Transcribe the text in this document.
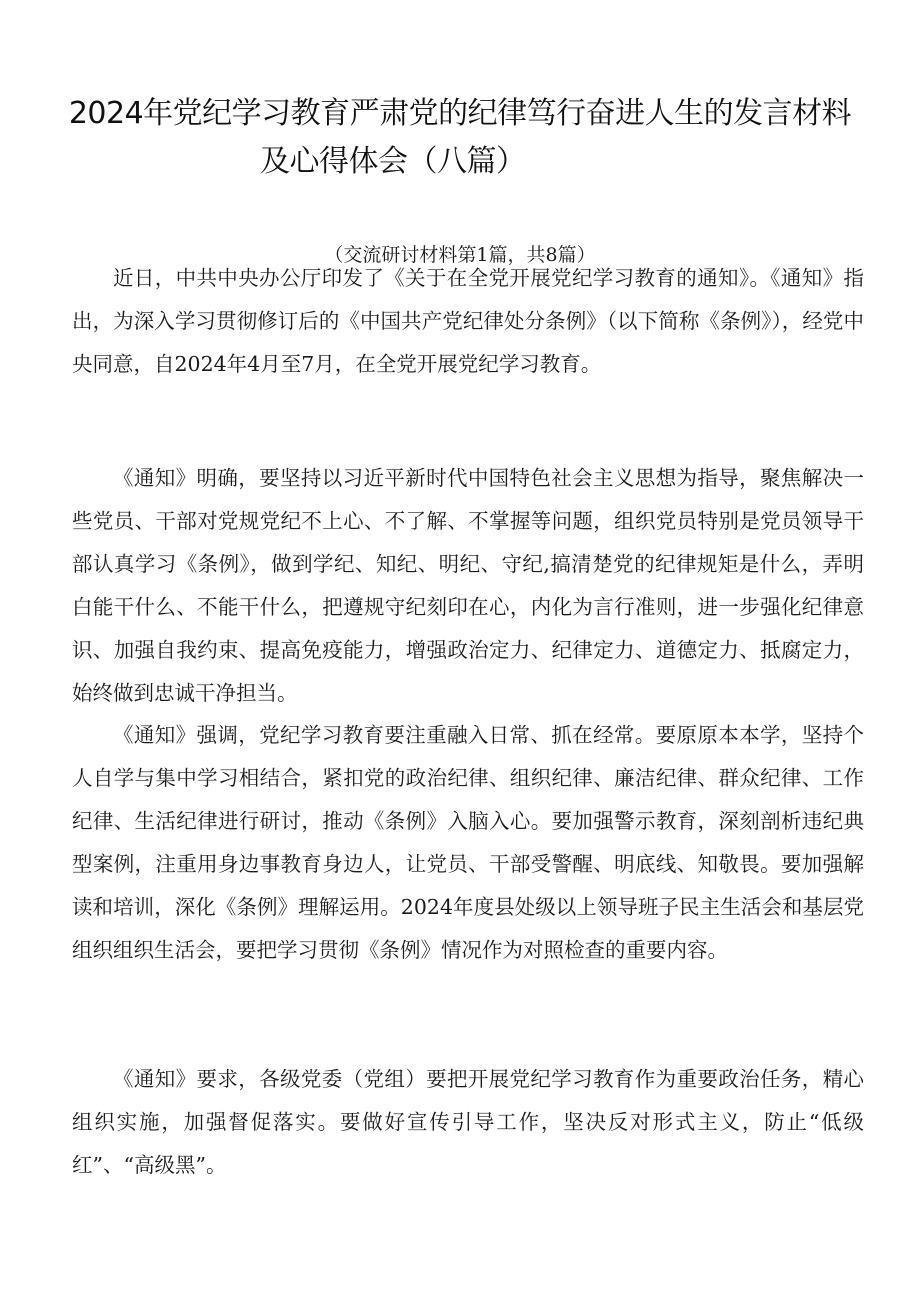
2024年党纪学习教育严肃党的纪律笃行奋进人生的发言材料
及心得体会（八篇）
（交流研讨材料第1篇，共8篇）

近日，中共中央办公厅印发了《关于在全党开展党纪学习教育的通知》。《通知》指出，为深入学习贯彻修订后的《中国共产党纪律处分条例》（以下简称《条例》），经党中央同意，自2024年4月至7月，在全党开展党纪学习教育。

《通知》明确，要坚持以习近平新时代中国特色社会主义思想为指导，聚焦解决一些党员、干部对党规党纪不上心、不了解、不掌握等问题，组织党员特别是党员领导干部认真学习《条例》，做到学纪、知纪、明纪、守纪,搞清楚党的纪律规矩是什么，弄明白能干什么、不能干什么，把遵规守纪刻印在心，内化为言行准则，进一步强化纪律意识、加强自我约束、提高免疫能力，增强政治定力、纪律定力、道德定力、抵腐定力，始终做到忠诚干净担当。

《通知》强调，党纪学习教育要注重融入日常、抓在经常。要原原本本学，坚持个人自学与集中学习相结合，紧扣党的政治纪律、组织纪律、廉洁纪律、群众纪律、工作纪律、生活纪律进行研讨，推动《条例》入脑入心。要加强警示教育，深刻剖析违纪典型案例，注重用身边事教育身边人，让党员、干部受警醒、明底线、知敬畏。要加强解读和培训，深化《条例》理解运用。2024年度县处级以上领导班子民主生活会和基层党组织组织生活会，要把学习贯彻《条例》情况作为对照检查的重要内容。

《通知》要求，各级党委（党组）要把开展党纪学习教育作为重要政治任务，精心组织实施，加强督促落实。要做好宣传引导工作，坚决反对形式主义，防止“低级红”、“高级黑”。
